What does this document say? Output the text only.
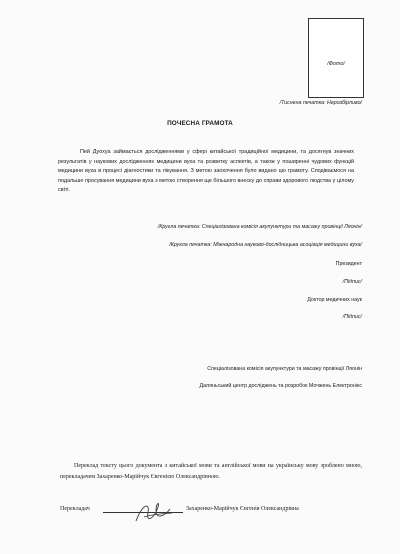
/Фото/

/Тиснена печатка: Нерозбірливо/

ПОЧЕСНА ГРАМОТА

Пей Дуохуа займається дослідженнями у сфері китайської традиційної медицини, та досягнув значних результатів у наукових дослідженнях медицини вуха та розвитку аспектів, а також у поширенні чудових функцій медицини вуха в процесі діагностики та лікування. З метою заохочення було видано цю грамоту. Сподіваємося на подальше просування медицини вуха з метою створення ще більшого внеску до справи здорового людства у цілому світі.

/Кругла печатка: Спеціалізована комісія акупунктури та масажу провінції Ляонін/

/Кругла печатка: Міжнародна науково-дослідницька асоціація медицини вуха/

Президент

/Підпис/

Доктор медичних наук

/Підпис/

Спеціалізована комісія акупунктури та масажу провінції Ляонін

Даляньський центр досліджень та розробок Мочжень Електронікс

Переклад тексту цього документа з китайської мови та англійської мови на українську мову зроблено мною, перекладачем Захаренко-Марійчук Євгенією Олександрівною.

Перекладач	Захаренко-Марійчук Євгенія Олександрівна
